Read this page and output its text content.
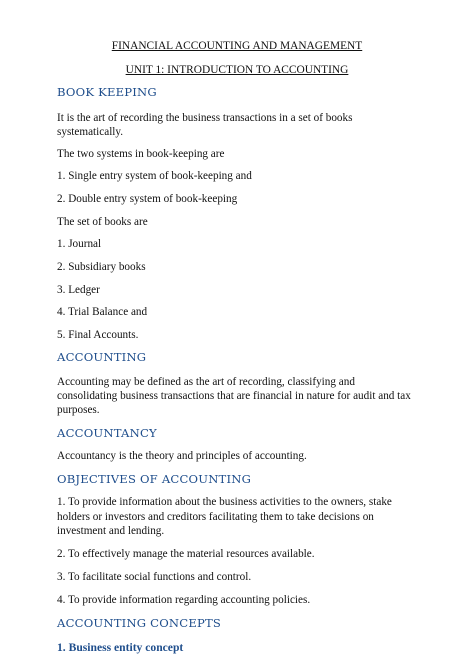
FINANCIAL ACCOUNTING AND MANAGEMENT

UNIT 1: INTRODUCTION TO ACCOUNTING

BOOK KEEPING

It is the art of recording the business transactions in a set of books

systematically.

The two systems in book-keeping are

1. Single entry system of book-keeping and

2. Double entry system of book-keeping

The set of books are

1. Journal

2. Subsidiary books

3. Ledger

4. Trial Balance and

5. Final Accounts.

ACCOUNTING

Accounting may be defined as the art of recording, classifying and

consolidating business transactions that are financial in nature for audit and tax

purposes.

ACCOUNTANCY

Accountancy is the theory and principles of accounting.

OBJECTIVES OF ACCOUNTING

1. To provide information about the business activities to the owners, stake

holders or investors and creditors facilitating them to take decisions on

investment and lending.

2. To effectively manage the material resources available.

3. To facilitate social functions and control.

4. To provide information regarding accounting policies.

ACCOUNTING CONCEPTS

1. Business entity concept
